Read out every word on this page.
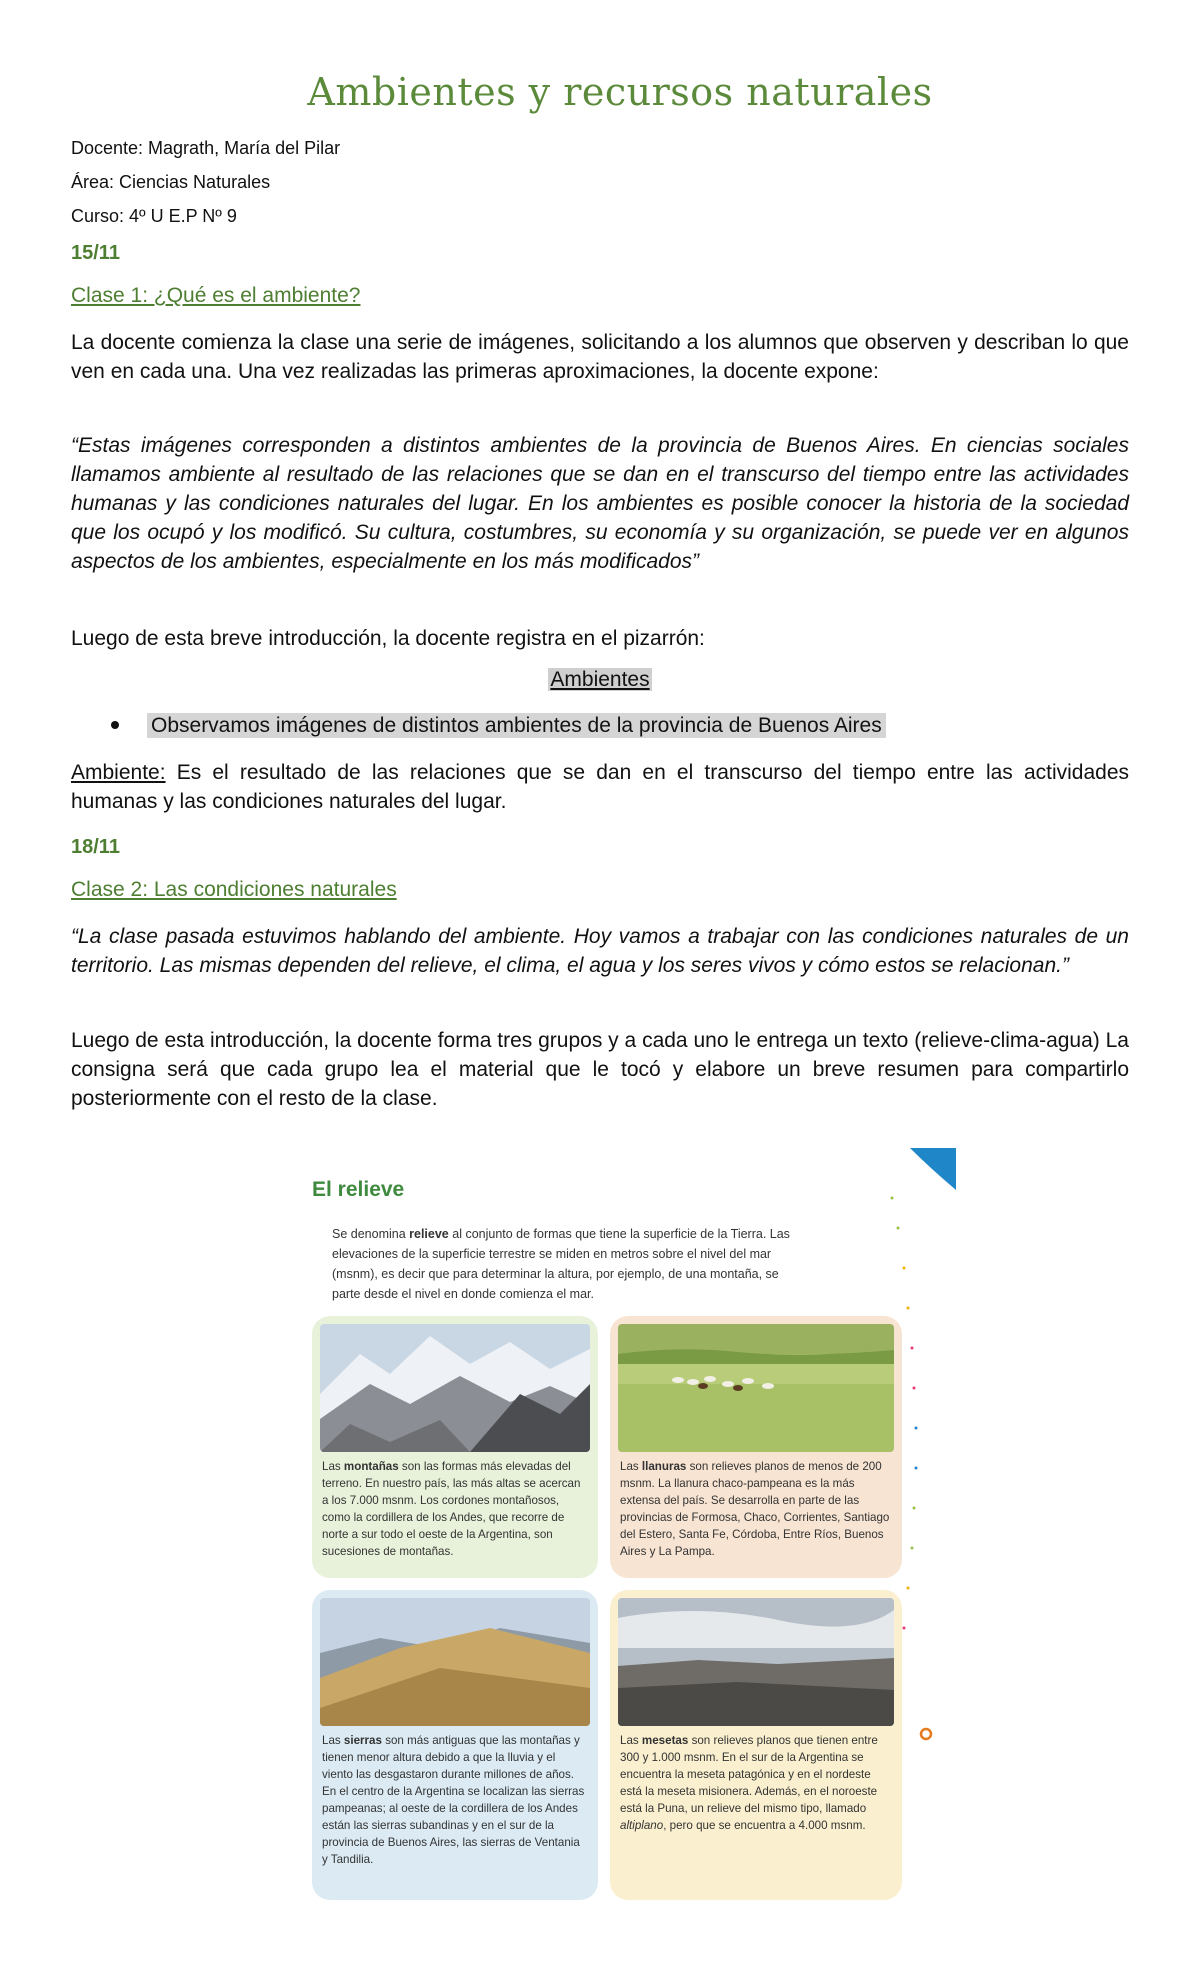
Ambientes y recursos naturales
Docente: Magrath, María del Pilar
Área: Ciencias Naturales
Curso: 4º U E.P Nº 9
15/11
Clase 1: ¿Qué es el ambiente?
La docente comienza la clase una serie de imágenes, solicitando a los alumnos que observen y describan lo que ven en cada una. Una vez realizadas las primeras aproximaciones, la docente expone:
“Estas imágenes corresponden a distintos ambientes de la provincia de Buenos Aires. En ciencias sociales llamamos ambiente al resultado de las relaciones que se dan en el transcurso del tiempo entre las actividades humanas y las condiciones naturales del lugar. En los ambientes es posible conocer la historia de la sociedad que los ocupó y los modificó. Su cultura, costumbres, su economía y su organización, se puede ver en algunos aspectos de los ambientes, especialmente en los más modificados”
Luego de esta breve introducción, la docente registra en el pizarrón:
Ambientes
Observamos imágenes de distintos ambientes de la provincia de Buenos Aires
Ambiente: Es el resultado de las relaciones que se dan en el transcurso del tiempo entre las actividades humanas y las condiciones naturales del lugar.
18/11
Clase 2: Las condiciones naturales
“La clase pasada estuvimos hablando del ambiente. Hoy vamos a trabajar con las condiciones naturales de un territorio. Las mismas dependen del relieve, el clima, el agua y los seres vivos y cómo estos se relacionan.”
Luego de esta introducción, la docente forma tres grupos y a cada uno le entrega un texto (relieve-clima-agua) La consigna será que cada grupo lea el material que le tocó y elabore un breve resumen para compartirlo posteriormente con el resto de la clase.
El relieve
Se denomina relieve al conjunto de formas que tiene la superficie de la Tierra. Las elevaciones de la superficie terrestre se miden en metros sobre el nivel del mar (msnm), es decir que para determinar la altura, por ejemplo, de una montaña, se parte desde el nivel en donde comienza el mar.
Las montañas son las formas más elevadas del terreno. En nuestro país, las más altas se acercan a los 7.000 msnm. Los cordones montañosos, como la cordillera de los Andes, que recorre de norte a sur todo el oeste de la Argentina, son sucesiones de montañas.
Las llanuras son relieves planos de menos de 200 msnm. La llanura chaco-pampeana es la más extensa del país. Se desarrolla en parte de las provincias de Formosa, Chaco, Corrientes, Santiago del Estero, Santa Fe, Córdoba, Entre Ríos, Buenos Aires y La Pampa.
Las sierras son más antiguas que las montañas y tienen menor altura debido a que la lluvia y el viento las desgastaron durante millones de años. En el centro de la Argentina se localizan las sierras pampeanas; al oeste de la cordillera de los Andes están las sierras subandinas y en el sur de la provincia de Buenos Aires, las sierras de Ventania y Tandilia.
Las mesetas son relieves planos que tienen entre 300 y 1.000 msnm. En el sur de la Argentina se encuentra la meseta patagónica y en el nordeste está la meseta misionera. Además, en el noroeste está la Puna, un relieve del mismo tipo, llamado altiplano, pero que se encuentra a 4.000 msnm.
